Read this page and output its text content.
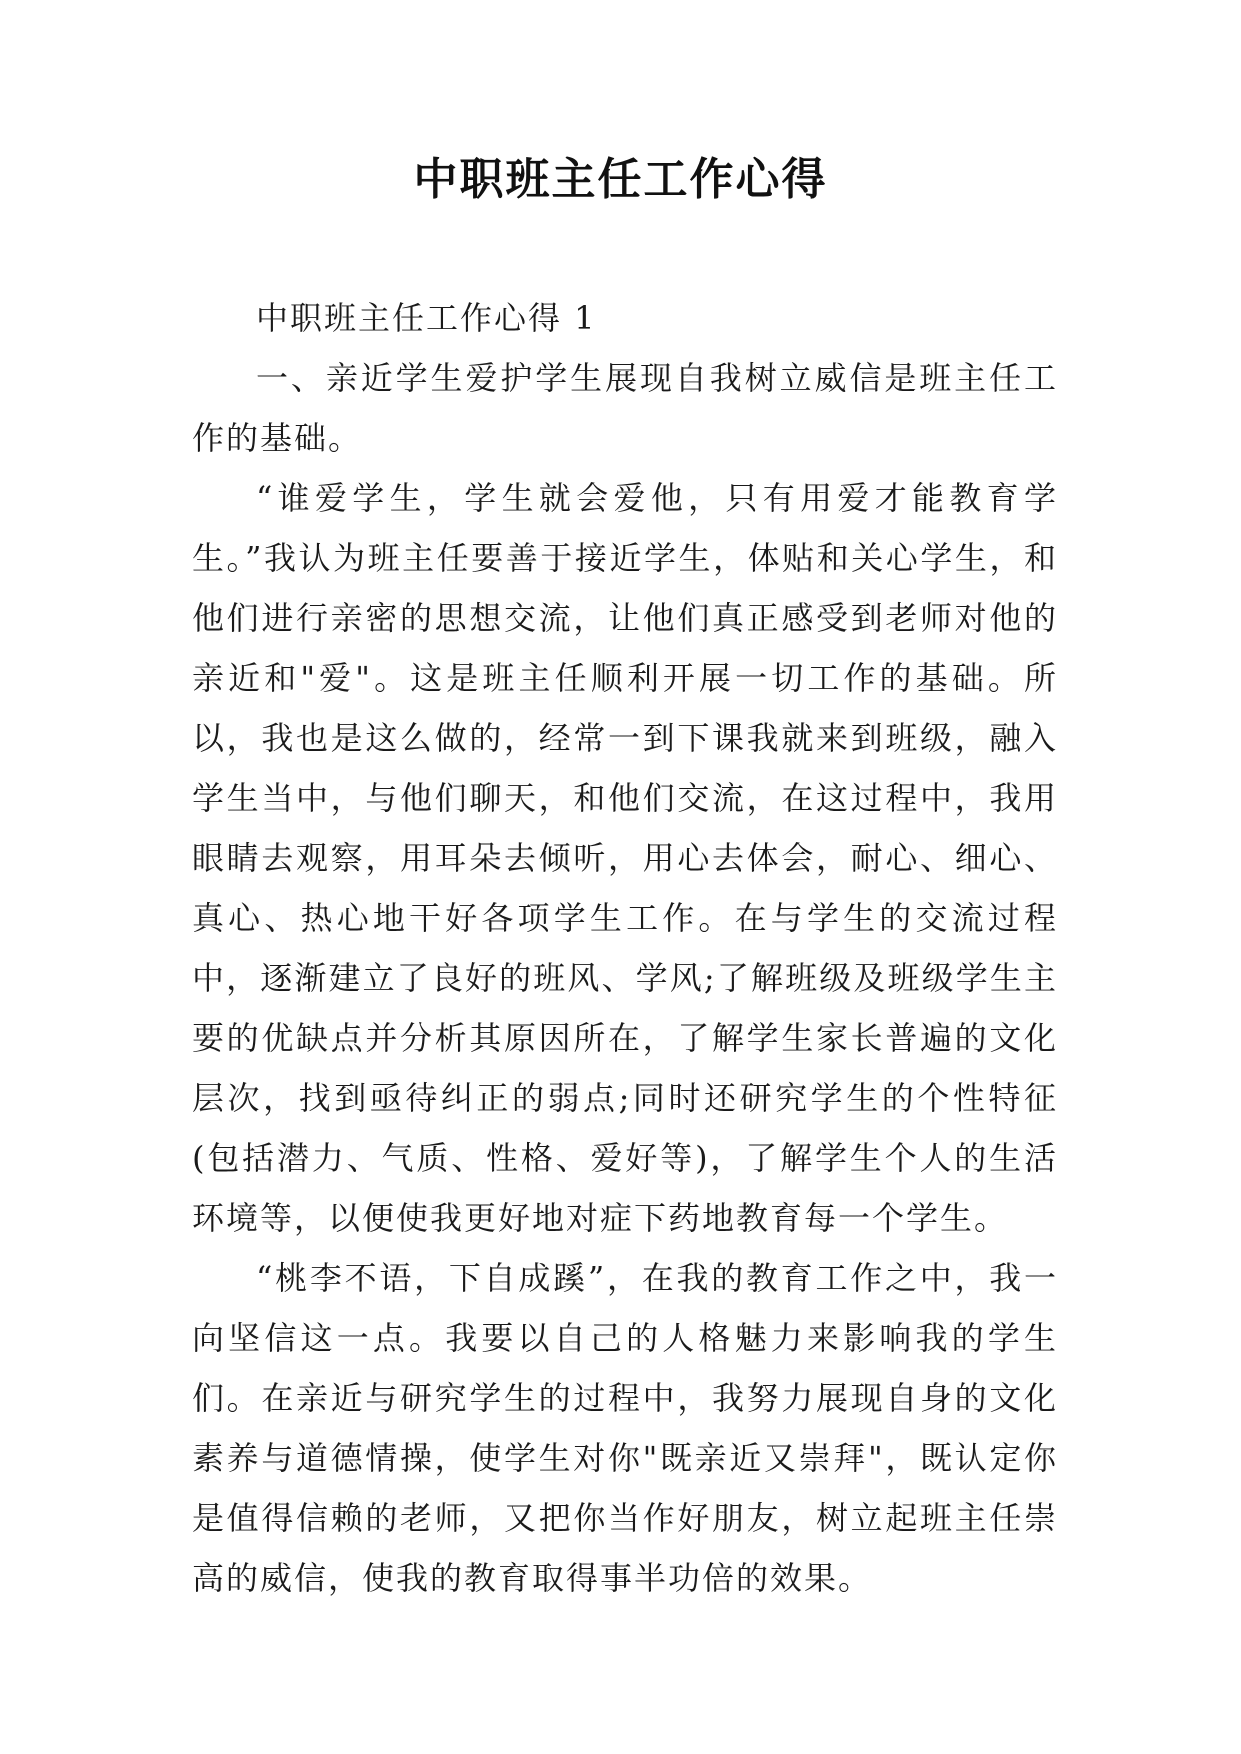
中职班主任工作心得

中职班主任工作心得 1

一、亲近学生爱护学生展现自我树立威信是班主任工作的基础。

“谁爱学生，学生就会爱他，只有用爱才能教育学生。”我认为班主任要善于接近学生，体贴和关心学生，和他们进行亲密的思想交流，让他们真正感受到老师对他的亲近和"爱"。这是班主任顺利开展一切工作的基础。所以，我也是这么做的，经常一到下课我就来到班级，融入学生当中，与他们聊天，和他们交流，在这过程中，我用眼睛去观察，用耳朵去倾听，用心去体会，耐心、细心、真心、热心地干好各项学生工作。在与学生的交流过程中，逐渐建立了良好的班风、学风;了解班级及班级学生主要的优缺点并分析其原因所在，了解学生家长普遍的文化层次，找到亟待纠正的弱点;同时还研究学生的个性特征(包括潜力、气质、性格、爱好等)，了解学生个人的生活环境等，以便使我更好地对症下药地教育每一个学生。

“桃李不语，下自成蹊”，在我的教育工作之中，我一向坚信这一点。我要以自己的人格魅力来影响我的学生们。在亲近与研究学生的过程中，我努力展现自身的文化素养与道德情操，使学生对你"既亲近又崇拜"，既认定你是值得信赖的老师，又把你当作好朋友，树立起班主任崇高的威信，使我的教育取得事半功倍的效果。
